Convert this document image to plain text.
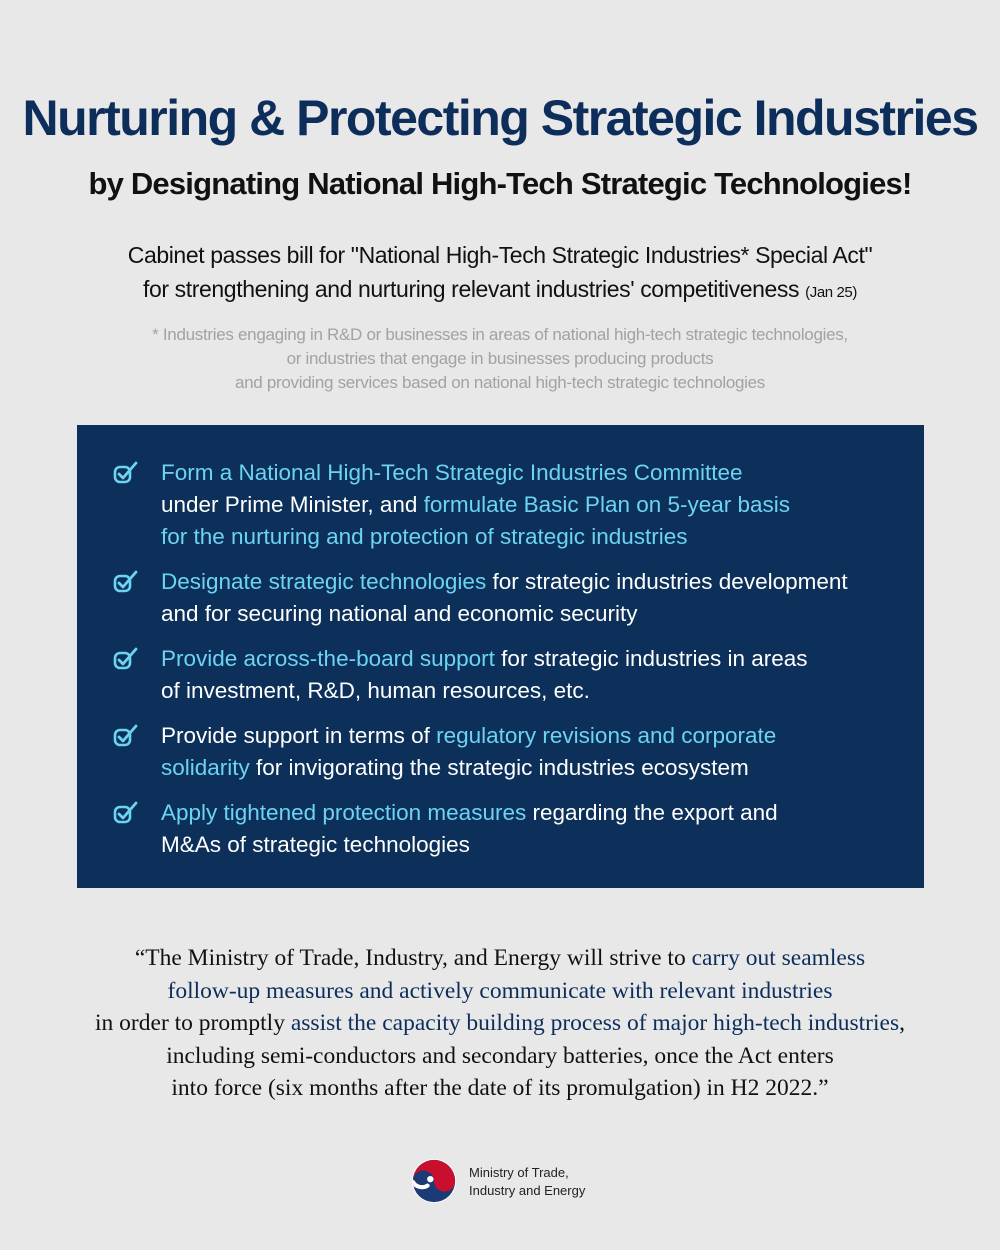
Nurturing & Protecting Strategic Industries
by Designating National High-Tech Strategic Technologies!
Cabinet passes bill for "National High-Tech Strategic Industries* Special Act"
for strengthening and nurturing relevant industries' competitiveness (Jan 25)
* Industries engaging in R&D or businesses in areas of national high-tech strategic technologies,
or industries that engage in businesses producing products
and providing services based on national high-tech strategic technologies
Form a National High-Tech Strategic Industries Committee
under Prime Minister, and formulate Basic Plan on 5-year basis
for the nurturing and protection of strategic industries
Designate strategic technologies for strategic industries development
and for securing national and economic security
Provide across-the-board support for strategic industries in areas
of investment, R&D, human resources, etc.
Provide support in terms of regulatory revisions and corporate
solidarity for invigorating the strategic industries ecosystem
Apply tightened protection measures regarding the export and
M&As of strategic technologies
“The Ministry of Trade, Industry, and Energy will strive to carry out seamless
follow-up measures and actively communicate with relevant industries
in order to promptly assist the capacity building process of major high-tech industries,
including semi-conductors and secondary batteries, once the Act enters
into force (six months after the date of its promulgation) in H2 2022.”
Ministry of Trade,
Industry and Energy
